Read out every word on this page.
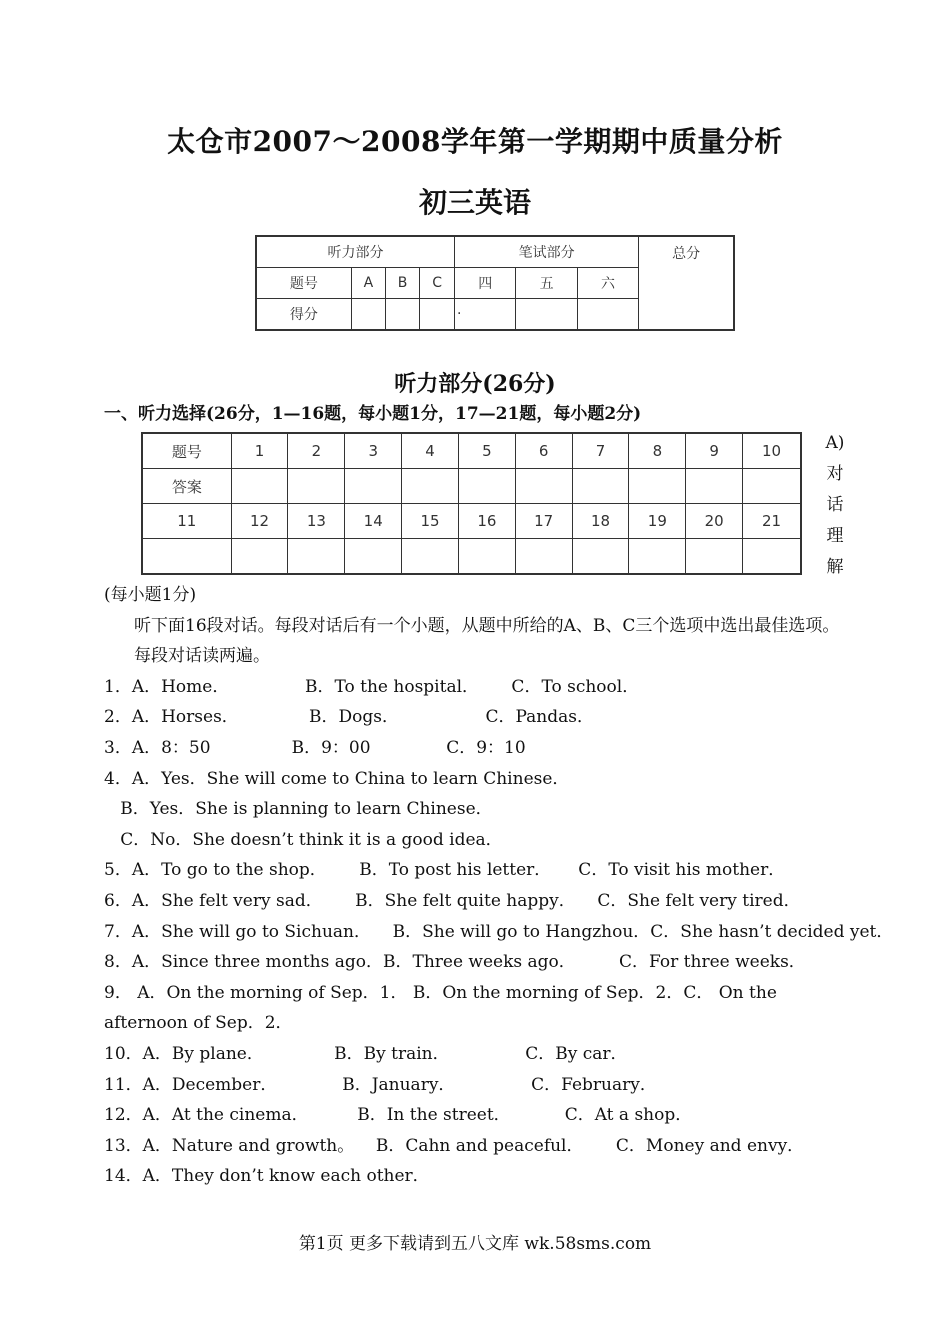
太仓市2007～2008学年第一学期期中质量分析
初三英语
听力部分				笔试部分			总分
题号	A	B	C	四	五	六	
得分				·			
听力部分(26分)
一、听力选择(26分，1—16题，每小题1分，17—21题，每小题2分)
题号	1	2	3	4	5	6	7	8	9	10
答案										
11	12	13	14	15	16	17	18	19	20	21

A)
对
话
理
解
(每小题1分)
听下面16段对话。每段对话后有一个小题，从题中所给的A、B、C三个选项中选出最佳选项。每段对话读两遍。
1．A．Home．              B．To the hospital．      C．To school．
2．A．Horses．             B．Dogs．                C．Pandas．
3．A．8：50               B．9：00              C．9：10
4．A．Yes．She will come to China to learn Chinese．
B．Yes．She is planning to learn Chinese．
C．No．She doesn’t think it is a good idea．
5．A．To go to the shop．      B．To post his letter．     C．To visit his mother．
6．A．She felt very sad．      B．She felt quite happy．    C．She felt very tired．
7．A．She will go to Sichuan．    B．She will go to Hangzhou．C．She hasn’t decided yet．
8．A．Since three months ago．B．Three weeks ago．        C．For three weeks．
9． A．On the morning of Sep．1． B．On the morning of Sep．2．C． On the afternoon of Sep．2．
10．A．By plane．             B．By train．              C．By car．
11．A．December．            B．January．              C．February．
12．A．At the cinema．         B．In the street．          C．At a shop．
13．A．Nature and growth。    B．Cahn and peaceful．      C．Money and envy．
14．A．They don’t know each other．
第1页 更多下载请到五八文库 wk.58sms.com
